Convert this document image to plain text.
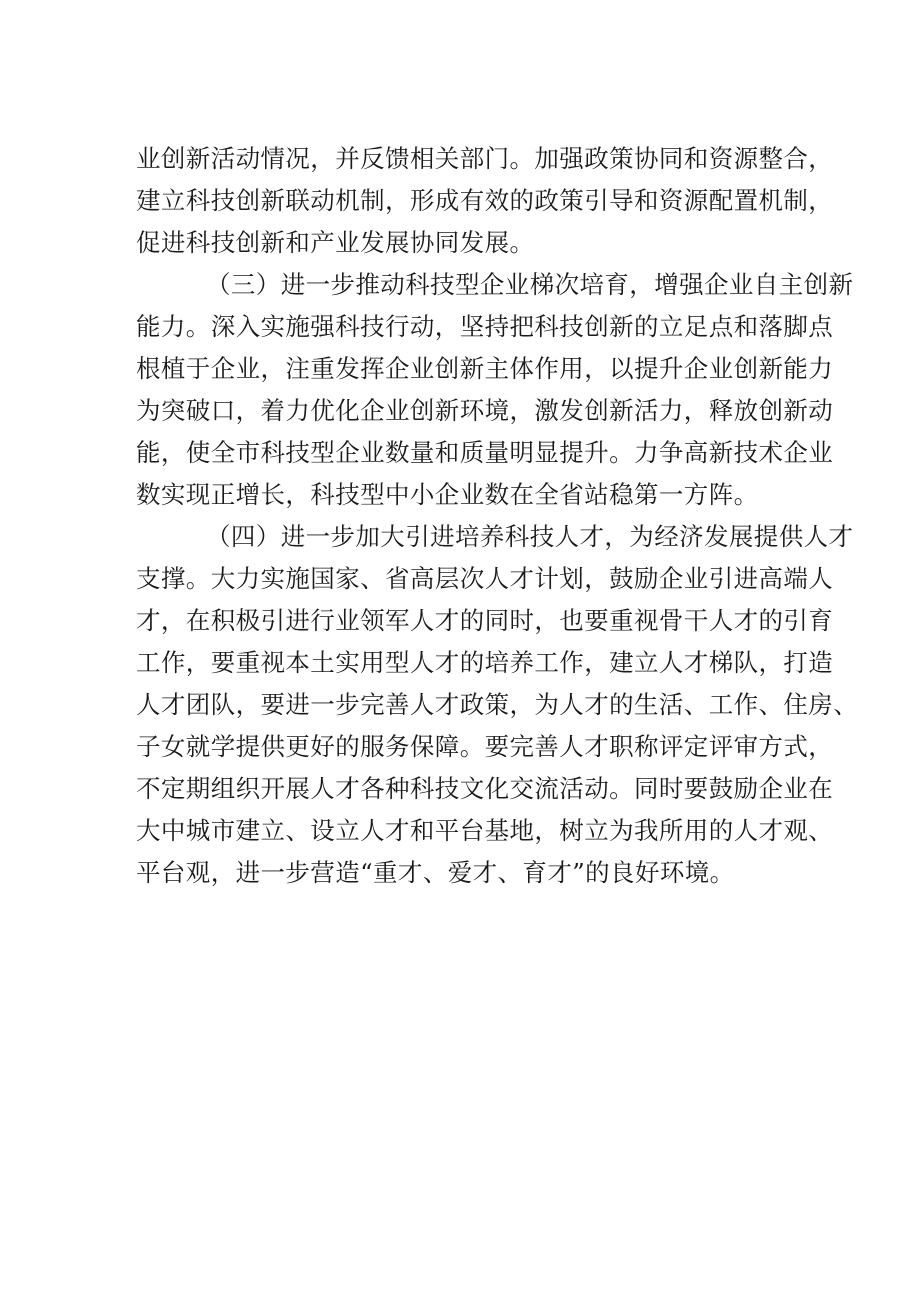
业创新活动情况，并反馈相关部门。加强政策协同和资源整合，
建立科技创新联动机制，形成有效的政策引导和资源配置机制，
促进科技创新和产业发展协同发展。
（三）进一步推动科技型企业梯次培育，增强企业自主创新
能力。深入实施强科技行动，坚持把科技创新的立足点和落脚点
根植于企业，注重发挥企业创新主体作用，以提升企业创新能力
为突破口，着力优化企业创新环境，激发创新活力，释放创新动
能，使全市科技型企业数量和质量明显提升。力争高新技术企业
数实现正增长，科技型中小企业数在全省站稳第一方阵。
（四）进一步加大引进培养科技人才，为经济发展提供人才
支撑。大力实施国家、省高层次人才计划，鼓励企业引进高端人
才，在积极引进行业领军人才的同时，也要重视骨干人才的引育
工作，要重视本土实用型人才的培养工作，建立人才梯队，打造
人才团队，要进一步完善人才政策，为人才的生活、工作、住房、
子女就学提供更好的服务保障。要完善人才职称评定评审方式，
不定期组织开展人才各种科技文化交流活动。同时要鼓励企业在
大中城市建立、设立人才和平台基地，树立为我所用的人才观、
平台观，进一步营造“重才、爱才、育才”的良好环境。
